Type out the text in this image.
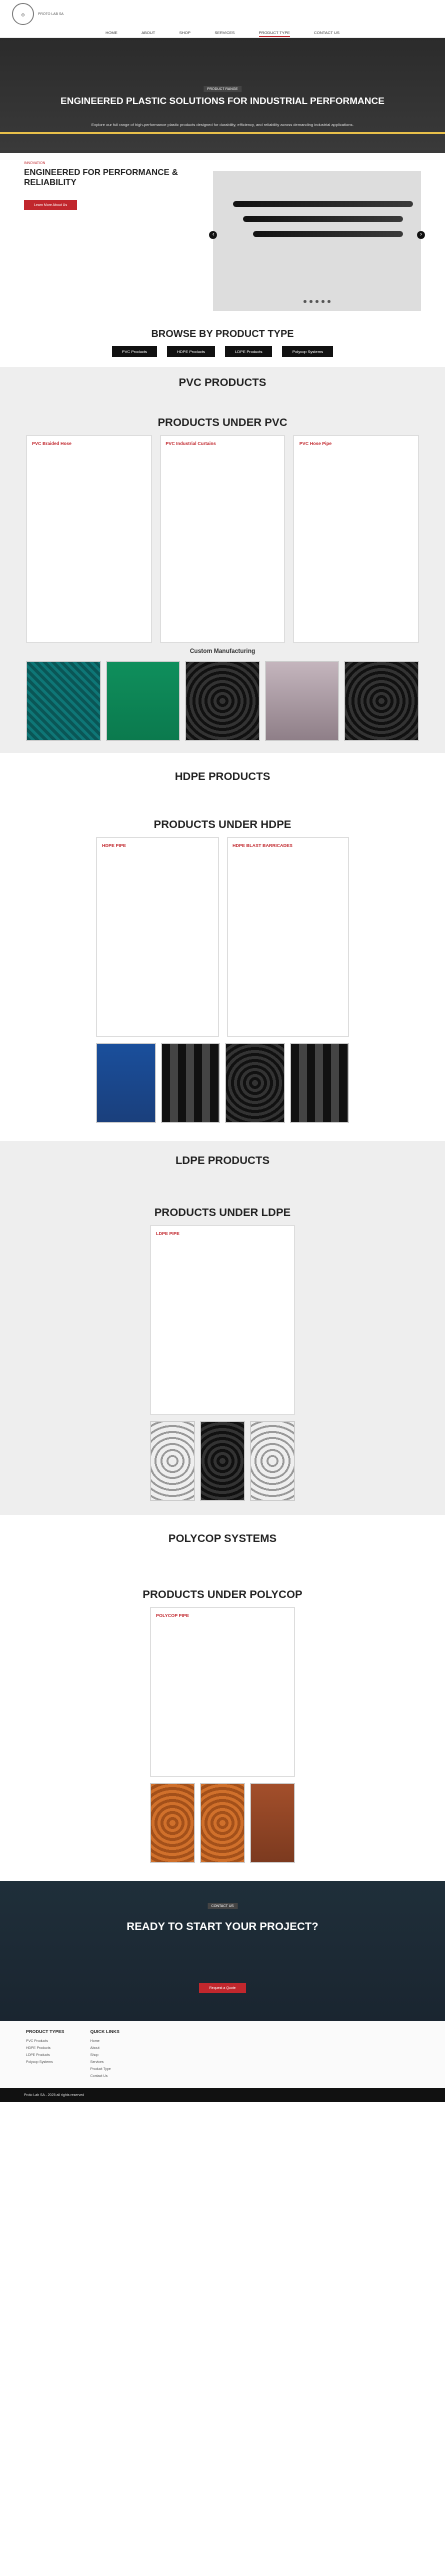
◎	PROTO LAB SA
HOME	ABOUT	SHOP	SERVICES	PRODUCT TYPE	CONTACT US
PRODUCT RANGE
ENGINEERED PLASTIC SOLUTIONS FOR INDUSTRIAL PERFORMANCE

Explore our full range of high-performance plastic products designed for durability, efficiency, and reliability across demanding industrial applications.

INNOVATION
ENGINEERED FOR PERFORMANCE & RELIABILITY
Learn More About Us
‹	›
BROWSE BY PRODUCT TYPE
PVC Products	HDPE Products	LDPE Products	Polycop Systems
PVC PRODUCTS
PRODUCTS UNDER PVC
PVC Braided Hose	PVC Industrial Curtains	PVC Hose Pipe
Custom Manufacturing
HDPE PRODUCTS
PRODUCTS UNDER HDPE
HDPE PIPE	HDPE BLAST BARRICADES
LDPE PRODUCTS
PRODUCTS UNDER LDPE
LDPE PIPE
POLYCOP SYSTEMS
PRODUCTS UNDER POLYCOP
POLYCOP PIPE
CONTACT US
READY TO START YOUR PROJECT?
Request a Quote
PRODUCT TYPES
PVC Products
HDPE Products
LDPE Products
Polycop Systems
QUICK LINKS
Home
About
Shop
Services
Product Type
Contact Us
Proto Lab SA - 2025 all rights reserved
